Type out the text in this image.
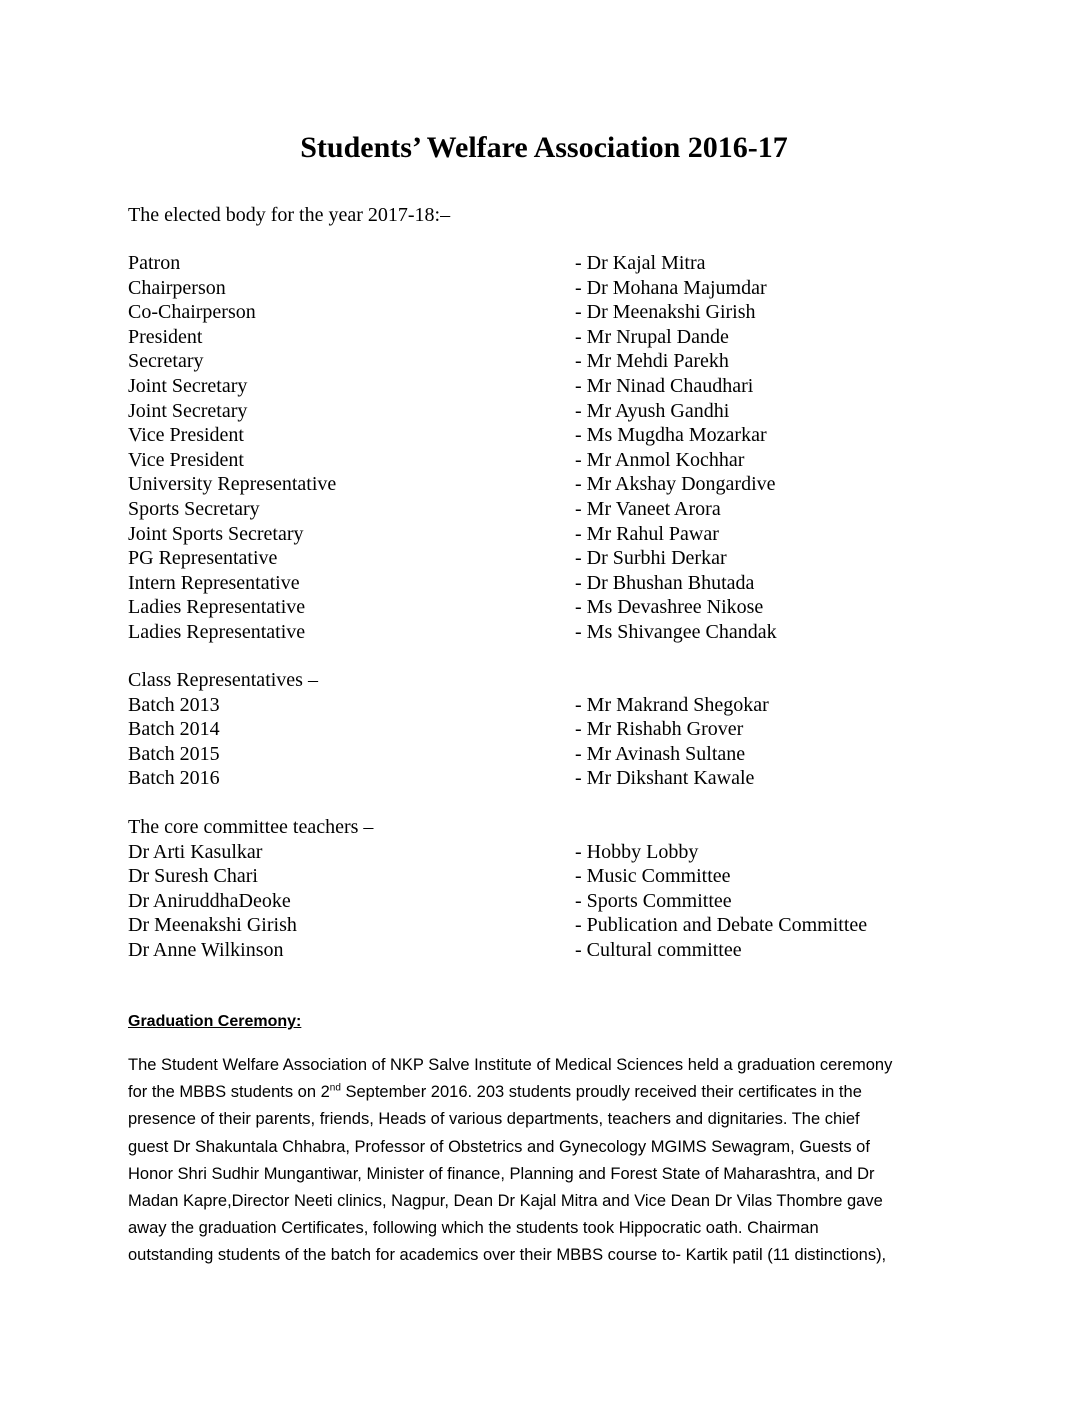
Students’ Welfare Association 2016-17
The elected body for the year 2017-18:–
Patron	- Dr Kajal Mitra
Chairperson	- Dr Mohana Majumdar
Co-Chairperson	- Dr Meenakshi Girish
President	- Mr Nrupal Dande
Secretary	- Mr Mehdi Parekh
Joint Secretary	- Mr Ninad Chaudhari
Joint Secretary	- Mr Ayush Gandhi
Vice President	- Ms Mugdha Mozarkar
Vice President	- Mr Anmol Kochhar
University Representative	- Mr Akshay Dongardive
Sports Secretary	- Mr Vaneet Arora
Joint Sports Secretary	- Mr Rahul Pawar
PG Representative	- Dr Surbhi Derkar
Intern Representative	- Dr Bhushan Bhutada
Ladies Representative	- Ms Devashree Nikose
Ladies Representative	- Ms Shivangee Chandak
Class Representatives –
Batch 2013	- Mr Makrand Shegokar
Batch 2014	- Mr Rishabh Grover
Batch 2015	- Mr Avinash Sultane
Batch 2016	- Mr Dikshant Kawale
The core committee teachers –
Dr Arti Kasulkar	- Hobby Lobby
Dr Suresh Chari	- Music Committee
Dr AniruddhaDeoke	- Sports Committee
Dr Meenakshi Girish	- Publication and Debate Committee
Dr Anne Wilkinson	- Cultural committee
Graduation Ceremony:
The Student Welfare Association of NKP Salve Institute of Medical Sciences held a graduation ceremony
for the MBBS students on 2nd September 2016. 203 students proudly received their certificates in the
presence of their parents, friends, Heads of various departments, teachers and dignitaries. The chief
guest Dr Shakuntala Chhabra, Professor of Obstetrics and Gynecology MGIMS Sewagram, Guests of
Honor Shri Sudhir Mungantiwar, Minister of finance, Planning and Forest State of Maharashtra, and Dr
Madan Kapre,Director Neeti clinics, Nagpur, Dean Dr Kajal Mitra and Vice Dean Dr Vilas Thombre gave
away the graduation Certificates, following which the students took Hippocratic oath. Chairman
outstanding students of the batch for academics over their MBBS course to- Kartik patil (11 distinctions),
